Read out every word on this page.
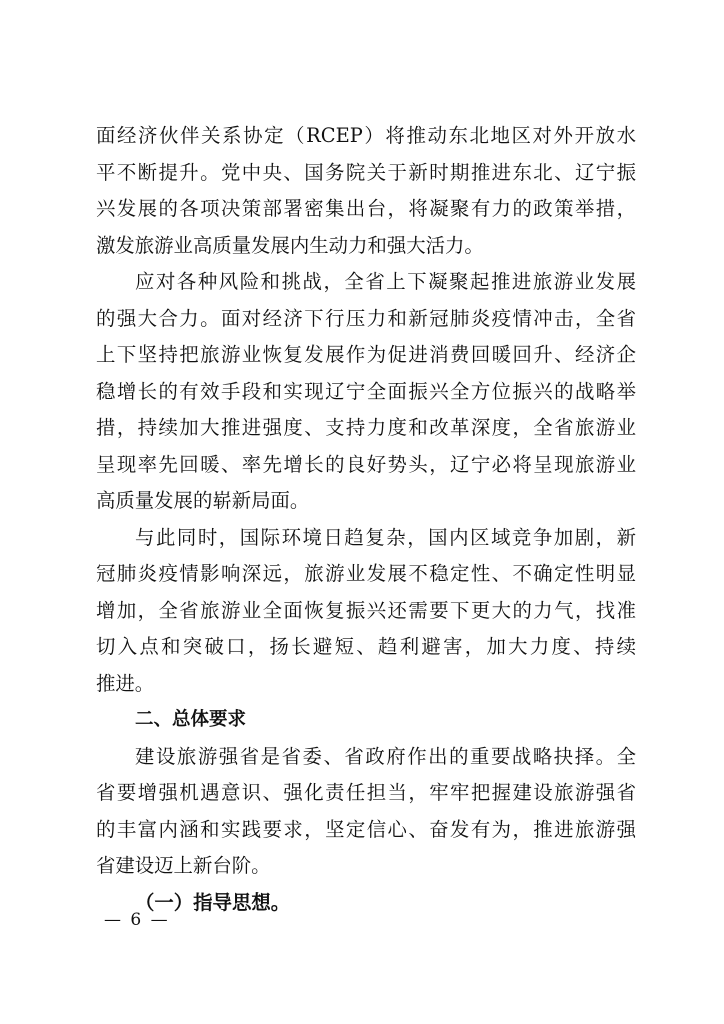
面经济伙伴关系协定（RCEP）将推动东北地区对外开放水
平不断提升。党中央、国务院关于新时期推进东北、辽宁振
兴发展的各项决策部署密集出台，将凝聚有力的政策举措，
激发旅游业高质量发展内生动力和强大活力。
应对各种风险和挑战，全省上下凝聚起推进旅游业发展
的强大合力。面对经济下行压力和新冠肺炎疫情冲击，全省
上下坚持把旅游业恢复发展作为促进消费回暖回升、经济企
稳增长的有效手段和实现辽宁全面振兴全方位振兴的战略举
措，持续加大推进强度、支持力度和改革深度，全省旅游业
呈现率先回暖、率先增长的良好势头，辽宁必将呈现旅游业
高质量发展的崭新局面。
与此同时，国际环境日趋复杂，国内区域竞争加剧，新
冠肺炎疫情影响深远，旅游业发展不稳定性、不确定性明显
增加，全省旅游业全面恢复振兴还需要下更大的力气，找准
切入点和突破口，扬长避短、趋利避害，加大力度、持续
推进。
二、总体要求
建设旅游强省是省委、省政府作出的重要战略抉择。全
省要增强机遇意识、强化责任担当，牢牢把握建设旅游强省
的丰富内涵和实践要求，坚定信心、奋发有为，推进旅游强
省建设迈上新台阶。
（一）指导思想。
— 6 —
